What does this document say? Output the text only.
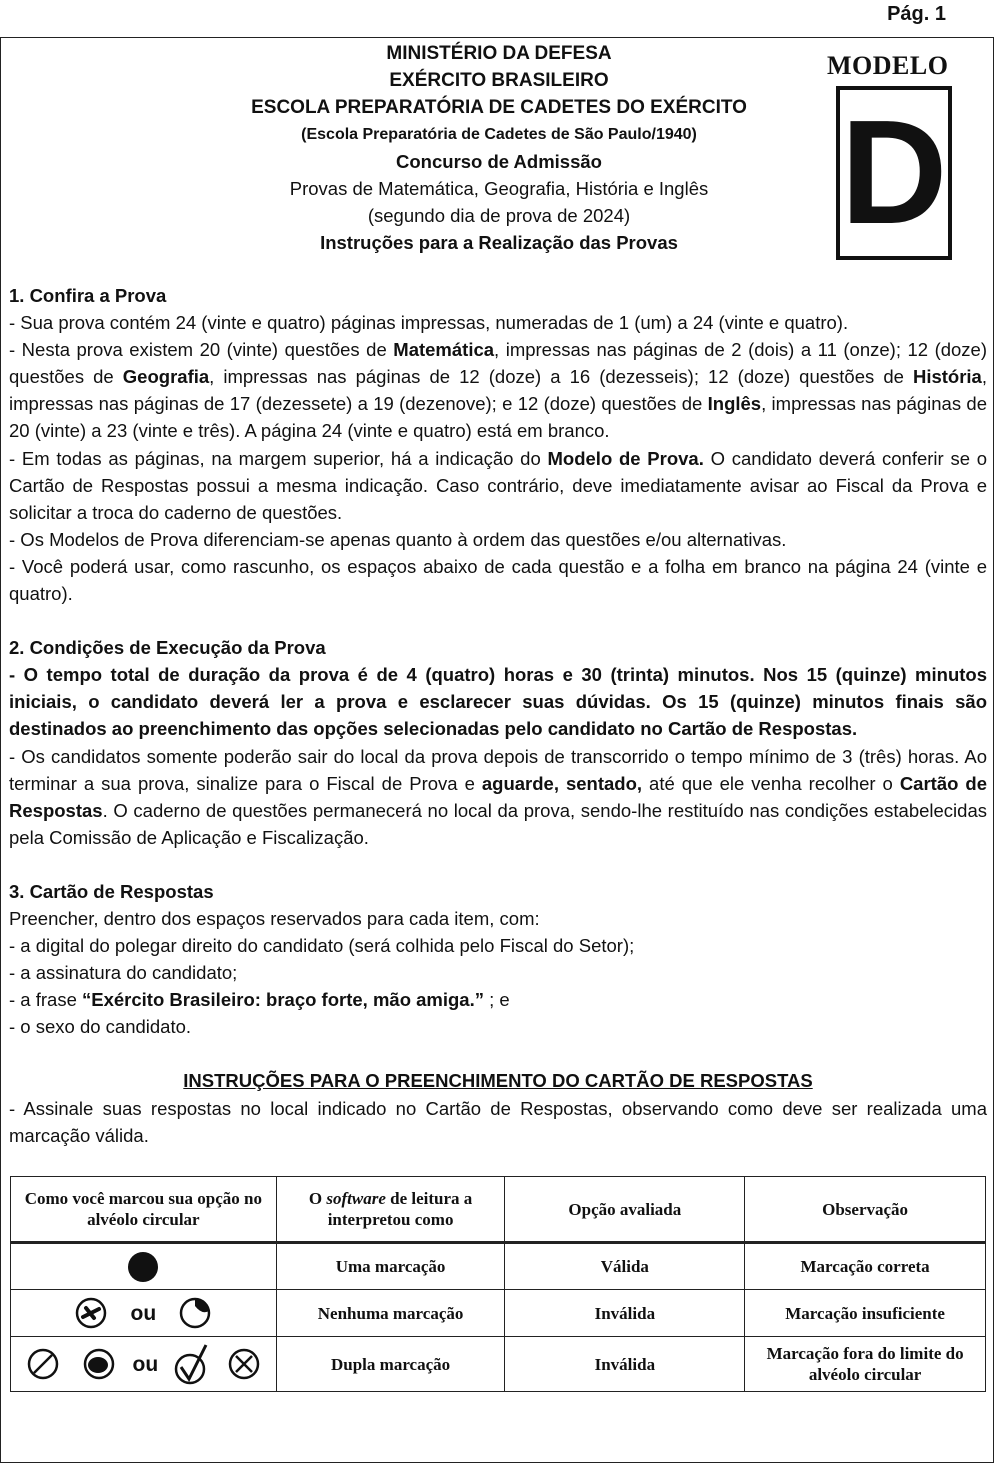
Pág. 1
MINISTÉRIO DA DEFESA
EXÉRCITO BRASILEIRO
ESCOLA PREPARATÓRIA DE CADETES DO EXÉRCITO
(Escola Preparatória de Cadetes de São Paulo/1940)
Concurso de Admissão
Provas de Matemática, Geografia, História e Inglês
(segundo dia de prova de 2024)
Instruções para a Realização das Provas
MODELO
D

1. Confira a Prova

- Sua prova contém 24 (vinte e quatro) páginas impressas, numeradas de 1 (um) a 24 (vinte e quatro).

- Nesta prova existem 20 (vinte) questões de Matemática, impressas nas páginas de 2 (dois) a 11 (onze); 12 (doze) questões de Geografia, impressas nas páginas de 12 (doze) a 16 (dezesseis); 12 (doze) questões de História, impressas nas páginas de 17 (dezessete) a 19 (dezenove); e 12 (doze) questões de Inglês, impressas nas páginas de 20 (vinte) a 23 (vinte e três). A página 24 (vinte e quatro) está em branco.

- Em todas as páginas, na margem superior, há a indicação do Modelo de Prova. O candidato deverá conferir se o Cartão de Respostas possui a mesma indicação. Caso contrário, deve imediatamente avisar ao Fiscal da Prova e solicitar a troca do caderno de questões.

- Os Modelos de Prova diferenciam-se apenas quanto à ordem das questões e/ou alternativas.

- Você poderá usar, como rascunho, os espaços abaixo de cada questão e a folha em branco na página 24 (vinte e quatro).

2. Condições de Execução da Prova

- O tempo total de duração da prova é de 4 (quatro) horas e 30 (trinta) minutos. Nos 15 (quinze) minutos iniciais, o candidato deverá ler a prova e esclarecer suas dúvidas. Os 15 (quinze) minutos finais são destinados ao preenchimento das opções selecionadas pelo candidato no Cartão de Respostas.

- Os candidatos somente poderão sair do local da prova depois de transcorrido o tempo mínimo de 3 (três) horas. Ao terminar a sua prova, sinalize para o Fiscal de Prova e aguarde, sentado, até que ele venha recolher o Cartão de Respostas. O caderno de questões permanecerá no local da prova, sendo-lhe restituído nas condições estabelecidas pela Comissão de Aplicação e Fiscalização.

3. Cartão de Respostas

Preencher, dentro dos espaços reservados para cada item, com:

- a digital do polegar direito do candidato (será colhida pelo Fiscal do Setor);

- a assinatura do candidato;

- a frase “Exército Brasileiro: braço forte, mão amiga.” ; e

- o sexo do candidato.

INSTRUÇÕES PARA O PREENCHIMENTO DO CARTÃO DE RESPOSTAS

- Assinale suas respostas no local indicado no Cartão de Respostas, observando como deve ser realizada uma marcação válida.

Como você marcou sua opção no alvéolo circular	O software de leitura a interpretou como	Opção avaliada	Observação
	Uma marcação	Válida	Marcação correta
ou	Nenhuma marcação	Inválida	Marcação insuficiente
ou	Dupla marcação	Inválida	Marcação fora do limite do alvéolo circular
